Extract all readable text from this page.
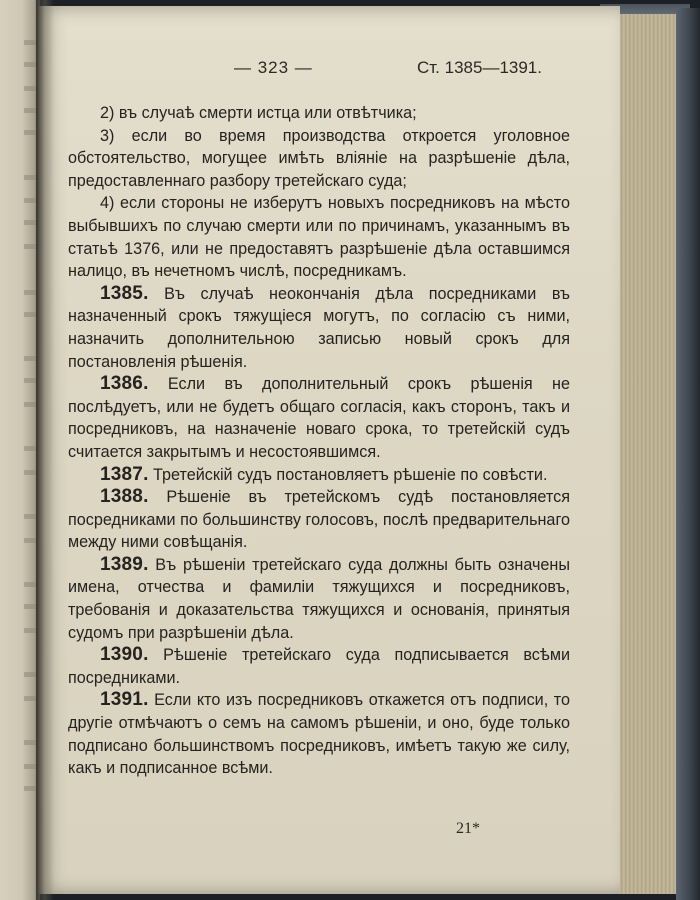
— 323 —	Ст. 1385—1391.

2) въ случаѣ смерти истца или отвѣтчика;

3) если во время производства откроется уголовное обстоятельство, могущее имѣть вліяніе на разрѣшеніе дѣла, предоставленнаго разбору третейскаго суда;

4) если стороны не изберутъ новыхъ посредниковъ на мѣсто выбывшихъ по случаю смерти или по причинамъ, указаннымъ въ статьѣ 1376, или не предоставятъ разрѣшеніе дѣла оставшимся налицо, въ нечетномъ числѣ, посредникамъ.

1385. Въ случаѣ неокончанія дѣла посредниками въ назначенный срокъ тяжущіеся могутъ, по согласію съ ними, назначить дополнительною записью новый срокъ для постановленія рѣшенія.

1386. Если въ дополнительный срокъ рѣшенія не послѣдуетъ, или не будетъ общаго согласія, какъ сторонъ, такъ и посредниковъ, на назначеніе новаго срока, то третейскій судъ считается закрытымъ и несостоявшимся.

1387. Третейскій судъ постановляетъ рѣшеніе по совѣсти.

1388. Рѣшеніе въ третейскомъ судѣ постановляется посредниками по большинству голосовъ, послѣ предварительнаго между ними совѣщанія.

1389. Въ рѣшеніи третейскаго суда должны быть означены имена, отчества и фамиліи тяжущихся и посредниковъ, требованія и доказательства тяжущихся и основанія, принятыя судомъ при разрѣшеніи дѣла.

1390. Рѣшеніе третейскаго суда подписывается всѣми посредниками.

1391. Если кто изъ посредниковъ откажется отъ подписи, то другіе отмѣчаютъ о семъ на самомъ рѣшеніи, и оно, буде только подписано большинствомъ посредниковъ, имѣетъ такую же силу, какъ и подписанное всѣми.

21*
